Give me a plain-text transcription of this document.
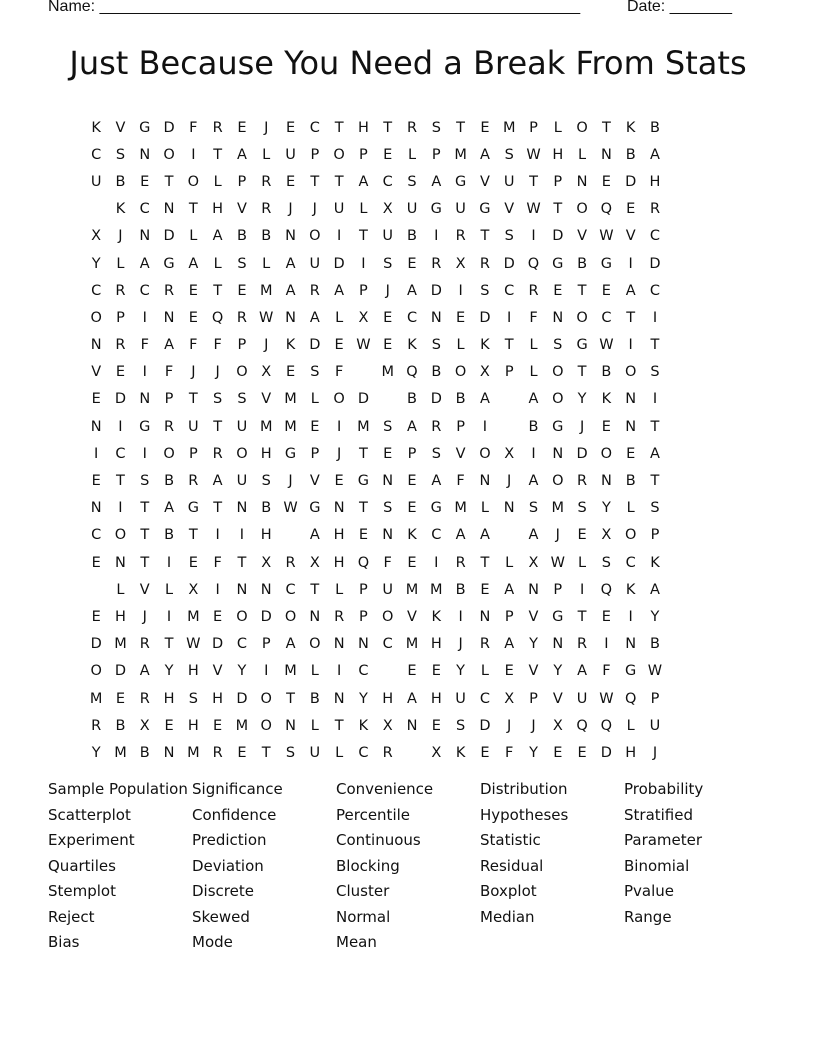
Name: ______________________________________________________	Date: _______
Just Because You Need a Break From Stats
K	V G D	F	R	E	J	E	C	T H T	R	S	T	E M P	L	O T	K	B
C	S N O	I	T	A	L	U	P O P	E	L	P M A	S W H	L	N B A
U B	E	T O	L	P	R	E	T	T	A C	S	A G V U	T	P	N E D H
K C N T H V R	J	J	U	L	X U G U G V W T O Q E	R
X	J	N D	L	A B B N O	I	T	U B	I	R	T	S	I	D V W V C
Y	L	A G A	L	S	L	A U D	I	S	E	R X R D Q G B G	I	D
C R C R	E	T	E M A R A	P	J	A D	I	S	C R	E	T	E	A C
O P	I	N E Q R W N A	L	X	E	C N E D	I	F	N O C	T	I
N R	F	A	F	F	P	J	K D E W E	K	S	L	K	T	L	S G W	I	T
V	E	I	F	J	J	O X	E	S	F	M Q B O X	P	L	O T	B O S
E D N P	T	S	S	V M L	O D	B D B A	A O Y	K N	I
N	I	G R U	T	U M M E	I	M S	A R	P	I	B G	J	E N T
I	C	I	O P	R O H G P	J	T	E	P	S	V O X	I	N D O E	A
E	T	S	B R A U S	J	V	E G N E	A	F	N	J	A O R N B	T
N	I	T	A G T N B W G N T	S	E G M L	N S M S	Y	L	S
C O T	B	T	I	I	H	A H E N K C A A	A	J	E	X O P
E N T	I	E	F	T	X R X H Q F	E	I	R	T	L	X W L	S	C K
L	V	L	X	I	N N C	T	L	P	U M M B	E	A N P	I	Q K	A
E H	J	I	M E O D O N R	P O V	K	I	N P	V G T	E	I	Y
D M R	T W D C	P	A O N N C M H	J	R A	Y N R	I	N B
O D A	Y H V	Y	I	M L	I	C	E	E	Y	L	E	V	Y	A	F	G W
M E	R H S H D O T	B N Y H A H U C X	P	V U W Q P
R B X	E H E M O N	L	T	K	X N E	S D	J	J	X Q Q	L	U
Y M B N M R	E	T	S U	L	C R	X	K	E	F	Y	E	E D H	J
Sample Population
Scatterplot
Experiment
Quartiles
Stemplot
Reject
Bias
Significance
Confidence
Prediction
Deviation
Discrete
Skewed
Mode
Convenience
Percentile
Continuous
Blocking
Cluster
Normal
Mean
Distribution
Hypotheses
Statistic
Residual
Boxplot
Median
Probability
Stratified
Parameter
Binomial
Pvalue
Range
